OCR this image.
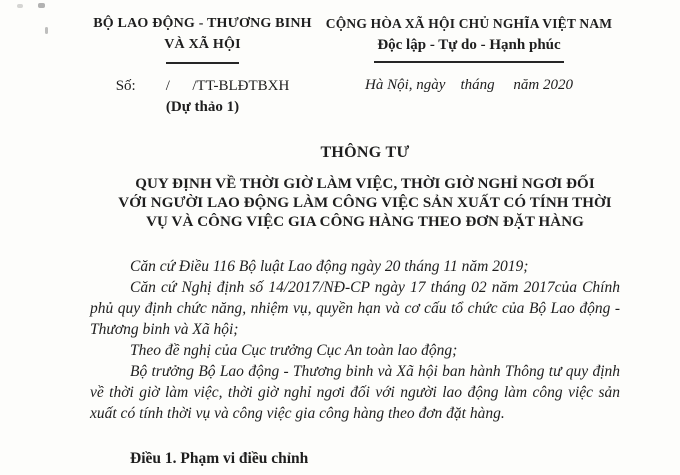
BỘ LAO ĐỘNG - THƯƠNG BINH
VÀ XÃ HỘI
Số:        /      /TT-BLĐTBXH
(Dự thảo 1)
CỘNG HÒA XÃ HỘI CHỦ NGHĨA VIỆT NAM
Độc lập - Tự do - Hạnh phúc
Hà Nội, ngày    tháng     năm 2020
THÔNG TƯ
QUY ĐỊNH VỀ THỜI GIỜ LÀM VIỆC, THỜI GIỜ NGHỈ NGƠI ĐỐI
VỚI NGƯỜI LAO ĐỘNG LÀM CÔNG VIỆC SẢN XUẤT CÓ TÍNH THỜI
VỤ VÀ CÔNG VIỆC GIA CÔNG HÀNG THEO ĐƠN ĐẶT HÀNG

Căn cứ Điều 116 Bộ luật Lao động ngày 20 tháng 11 năm 2019;

Căn cứ Nghị định số 14/2017/NĐ-CP ngày 17 tháng 02 năm 2017của Chính phủ quy định chức năng, nhiệm vụ, quyền hạn và cơ cấu tổ chức của Bộ Lao động - Thương binh và Xã hội;

Theo đề nghị của Cục trưởng Cục An toàn lao động;

Bộ trưởng Bộ Lao động - Thương binh và Xã hội ban hành Thông tư quy định về thời giờ làm việc, thời giờ nghỉ ngơi đối với người lao động làm công việc sản xuất có tính thời vụ và công việc gia công hàng theo đơn đặt hàng.

Điều 1. Phạm vi điều chỉnh
